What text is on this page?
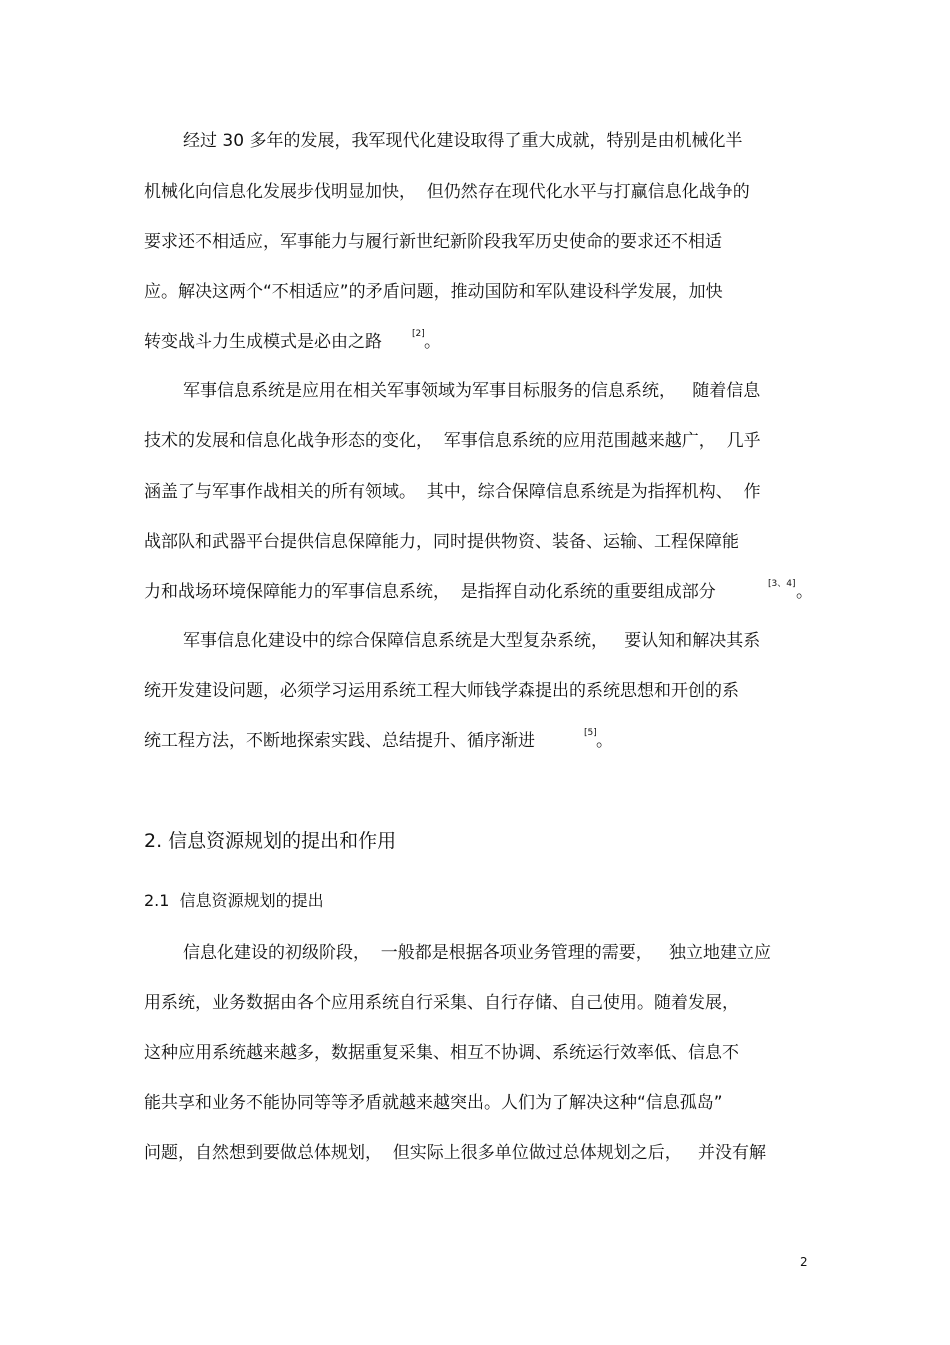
经过 30 多年的发展，我军现代化建设取得了重大成就，特别是由机械化半
机械化向信息化发展步伐明显加快，  但仍然存在现代化水平与打赢信息化战争的
要求还不相适应，军事能力与履行新世纪新阶段我军历史使命的要求还不相适
应。解决这两个“不相适应”的矛盾问题，推动国防和军队建设科学发展，加快
转变战斗力生成模式是必由之路	[2] 。
军事信息系统是应用在相关军事领域为军事目标服务的信息系统，   随着信息
技术的发展和信息化战争形态的变化，  军事信息系统的应用范围越来越广，  几乎
涵盖了与军事作战相关的所有领域。  其中，综合保障信息系统是为指挥机构、  作
战部队和武器平台提供信息保障能力，同时提供物资、装备、运输、工程保障能
力和战场环境保障能力的军事信息系统，  是指挥自动化系统的重要组成部分	[3、4] 。
军事信息化建设中的综合保障信息系统是大型复杂系统，   要认知和解决其系
统开发建设问题，必须学习运用系统工程大师钱学森提出的系统思想和开创的系
统工程方法，不断地探索实践、总结提升、循序渐进	[5] 。
2. 信息资源规划的提出和作用
2.1  信息资源规划的提出
信息化建设的初级阶段，  一般都是根据各项业务管理的需要，   独立地建立应
用系统，业务数据由各个应用系统自行采集、自行存储、自己使用。随着发展，
这种应用系统越来越多，数据重复采集、相互不协调、系统运行效率低、信息不
能共享和业务不能协同等等矛盾就越来越突出。人们为了解决这种“信息孤岛”
问题，自然想到要做总体规划，  但实际上很多单位做过总体规划之后，   并没有解
2
